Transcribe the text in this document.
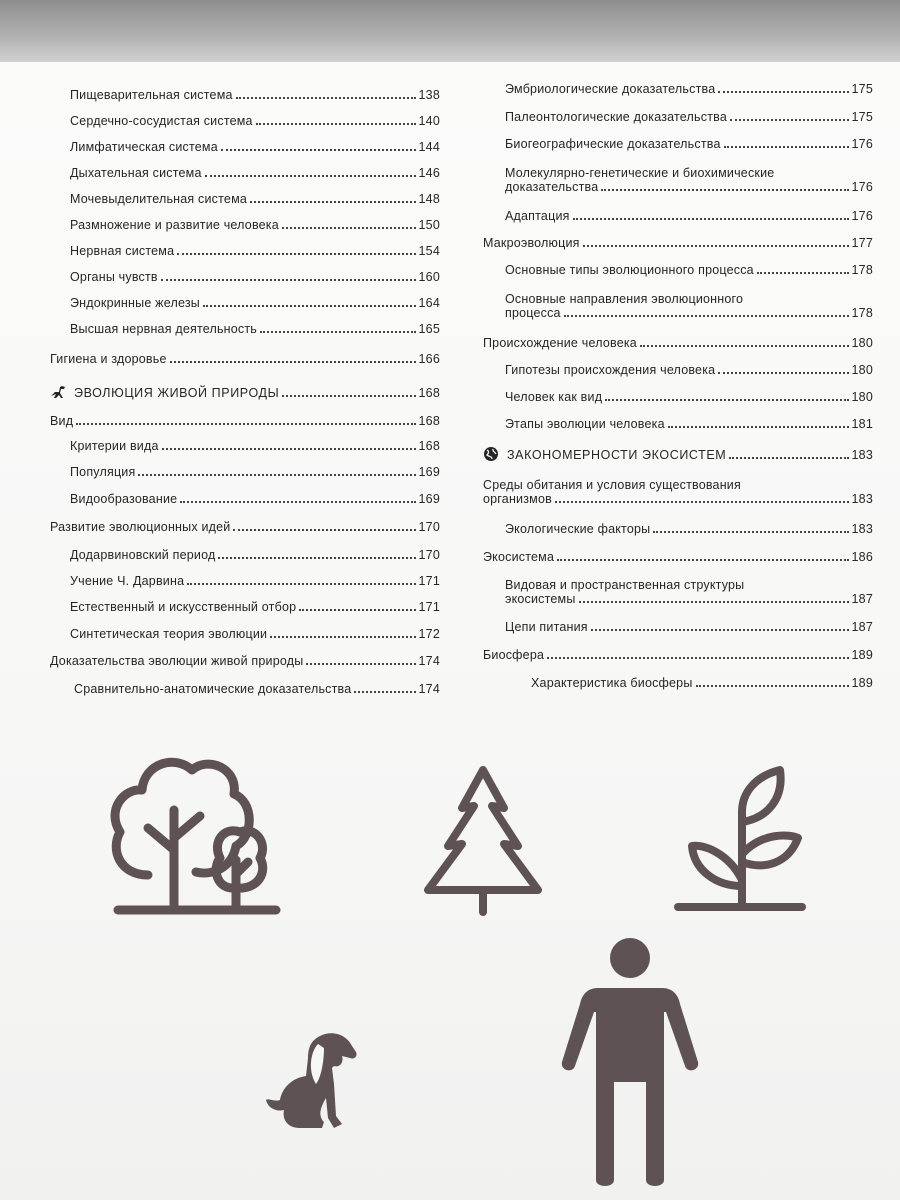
Пищеварительная система	138
Сердечно-сосудистая система	140
Лимфатическая система	144
Дыхательная система	146
Мочевыделительная система	148
Размножение и развитие человека	150
Нервная система	154
Органы чувств	160
Эндокринные железы	164
Высшая нервная деятельность	165
Гигиена и здоровье	166
ЭВОЛЮЦИЯ ЖИВОЙ ПРИРОДЫ	168
Вид	168
Критерии вида	168
Популяция	169
Видообразование	169
Развитие эволюционных идей	170
Додарвиновский период	170
Учение Ч. Дарвина	171
Естественный и искусственный отбор	171
Синтетическая теория эволюции	172
Доказательства эволюции живой природы	174
Сравнительно-анатомические доказательства	174
Эмбриологические доказательства	175
Палеонтологические доказательства	175
Биогеографические доказательства	176
Молекулярно-генетические и биохимические
доказательства	176
Адаптация	176
Макроэволюция	177
Основные типы эволюционного процесса	178
Основные направления эволюционного
процесса	178
Происхождение человека	180
Гипотезы происхождения человека	180
Человек как вид	180
Этапы эволюции человека	181
ЗАКОНОМЕРНОСТИ ЭКОСИСТЕМ	183
Среды обитания и условия существования
организмов	183
Экологические факторы	183
Экосистема	186
Видовая и пространственная структуры
экосистемы	187
Цепи питания	187
Биосфера	189
Характеристика биосферы	189
